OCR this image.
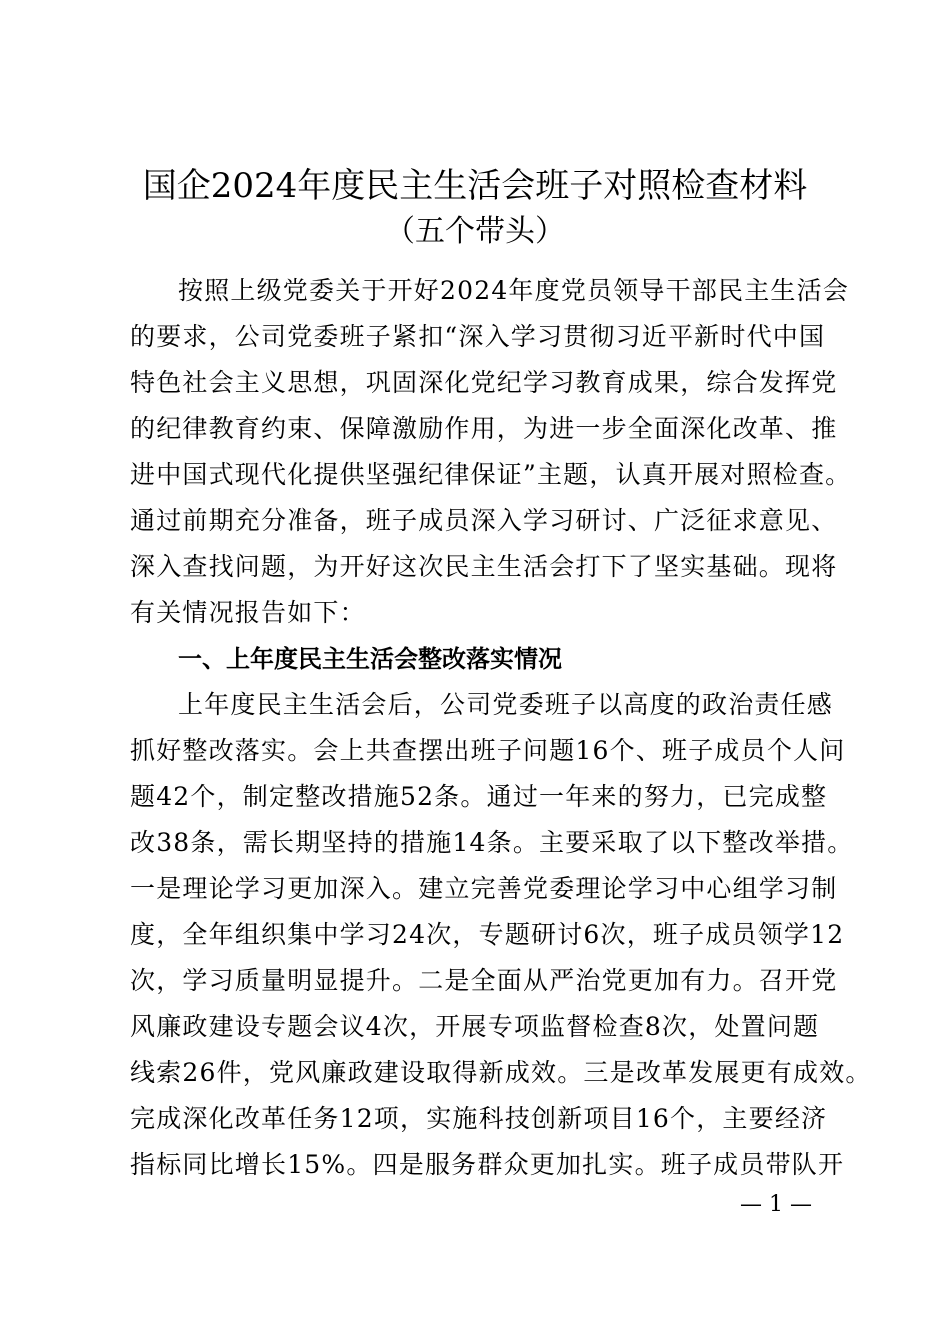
国企2024年度民主生活会班子对照检查材料
（五个带头）
按照上级党委关于开好2024年度党员领导干部民主生活会
的要求，公司党委班子紧扣“深入学习贯彻习近平新时代中国
特色社会主义思想，巩固深化党纪学习教育成果，综合发挥党
的纪律教育约束、保障激励作用，为进一步全面深化改革、推
进中国式现代化提供坚强纪律保证”主题，认真开展对照检查。
通过前期充分准备，班子成员深入学习研讨、广泛征求意见、
深入查找问题，为开好这次民主生活会打下了坚实基础。现将
有关情况报告如下：
一、上年度民主生活会整改落实情况
上年度民主生活会后，公司党委班子以高度的政治责任感
抓好整改落实。会上共查摆出班子问题16个、班子成员个人问
题42个，制定整改措施52条。通过一年来的努力，已完成整
改38条，需长期坚持的措施14条。主要采取了以下整改举措。
一是理论学习更加深入。建立完善党委理论学习中心组学习制
度，全年组织集中学习24次，专题研讨6次，班子成员领学12
次，学习质量明显提升。二是全面从严治党更加有力。召开党
风廉政建设专题会议4次，开展专项监督检查8次，处置问题
线索26件，党风廉政建设取得新成效。三是改革发展更有成效。
完成深化改革任务12项，实施科技创新项目16个，主要经济
指标同比增长15%。四是服务群众更加扎实。班子成员带队开
— 1 —
